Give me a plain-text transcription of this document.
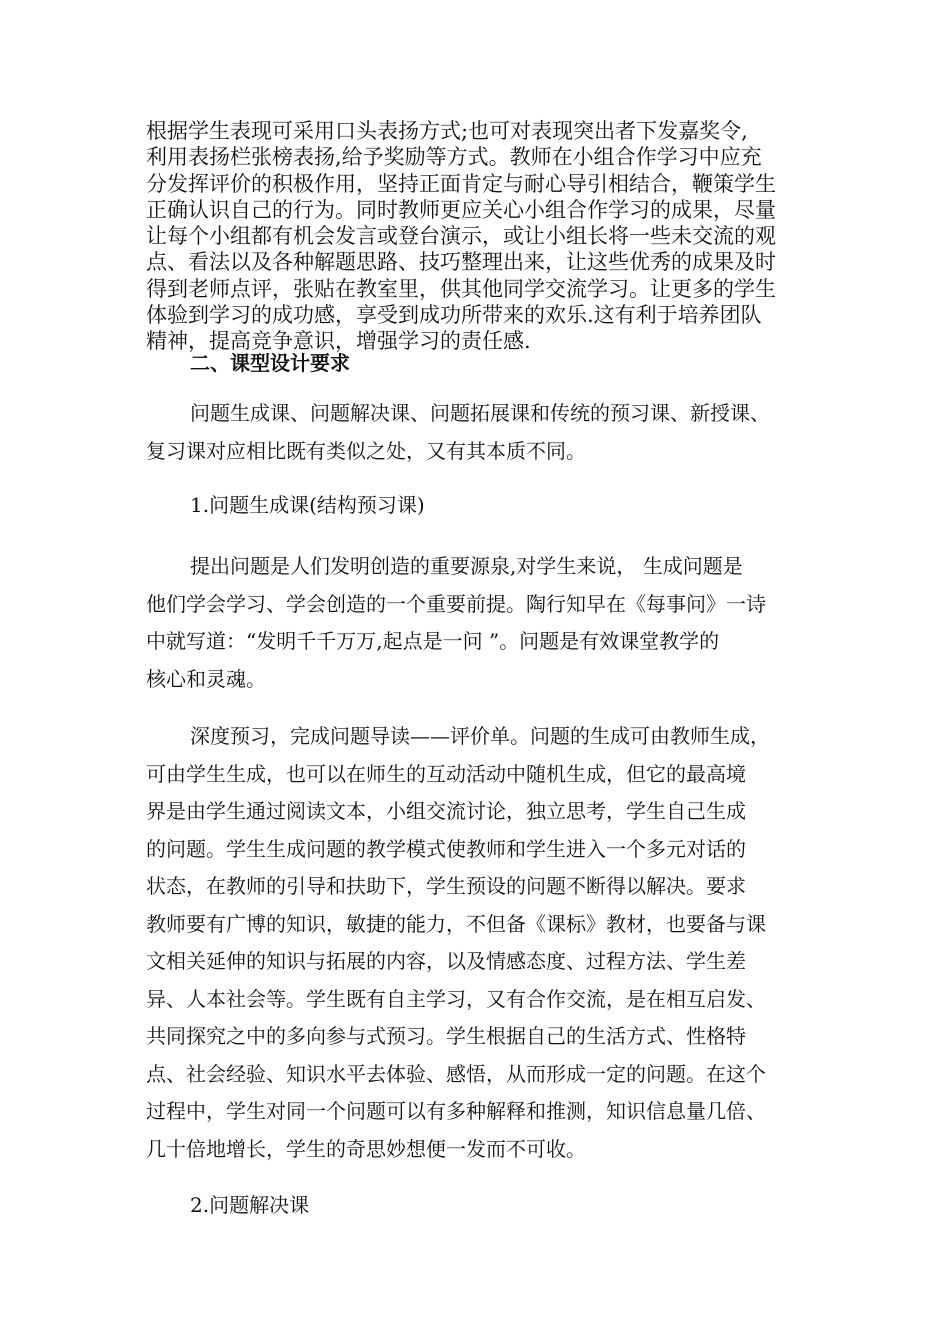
根据学生表现可采用口头表扬方式;也可对表现突出者下发嘉奖令,
利用表扬栏张榜表扬,给予奖励等方式。教师在小组合作学习中应充
分发挥评价的积极作用，坚持正面肯定与耐心导引相结合，鞭策学生
正确认识自己的行为。同时教师更应关心小组合作学习的成果，尽量
让每个小组都有机会发言或登台演示，或让小组长将一些未交流的观
点、看法以及各种解题思路、技巧整理出来，让这些优秀的成果及时
得到老师点评，张贴在教室里，供其他同学交流学习。让更多的学生
体验到学习的成功感，享受到成功所带来的欢乐.这有利于培养团队
精神，提高竞争意识，增强学习的责任感.

二、课型设计要求

问题生成课、问题解决课、问题拓展课和传统的预习课、新授课、
复习课对应相比既有类似之处，又有其本质不同。

1.问题生成课(结构预习课)

提出问题是人们发明创造的重要源泉,对学生来说， 生成问题是
他们学会学习、学会创造的一个重要前提。陶行知早在《每事问》一诗
中就写道：“发明千千万万,起点是一问 ”。问题是有效课堂教学的
核心和灵魂。

深度预习，完成问题导读——评价单。问题的生成可由教师生成，
可由学生生成，也可以在师生的互动活动中随机生成，但它的最高境
界是由学生通过阅读文本，小组交流讨论，独立思考，学生自己生成
的问题。学生生成问题的教学模式使教师和学生进入一个多元对话的
状态，在教师的引导和扶助下，学生预设的问题不断得以解决。要求
教师要有广博的知识，敏捷的能力，不但备《课标》教材，也要备与课
文相关延伸的知识与拓展的内容，以及情感态度、过程方法、学生差
异、人本社会等。学生既有自主学习，又有合作交流，是在相互启发、
共同探究之中的多向参与式预习。学生根据自己的生活方式、性格特
点、社会经验、知识水平去体验、感悟，从而形成一定的问题。在这个
过程中，学生对同一个问题可以有多种解释和推测，知识信息量几倍、
几十倍地增长，学生的奇思妙想便一发而不可收。

2.问题解决课
